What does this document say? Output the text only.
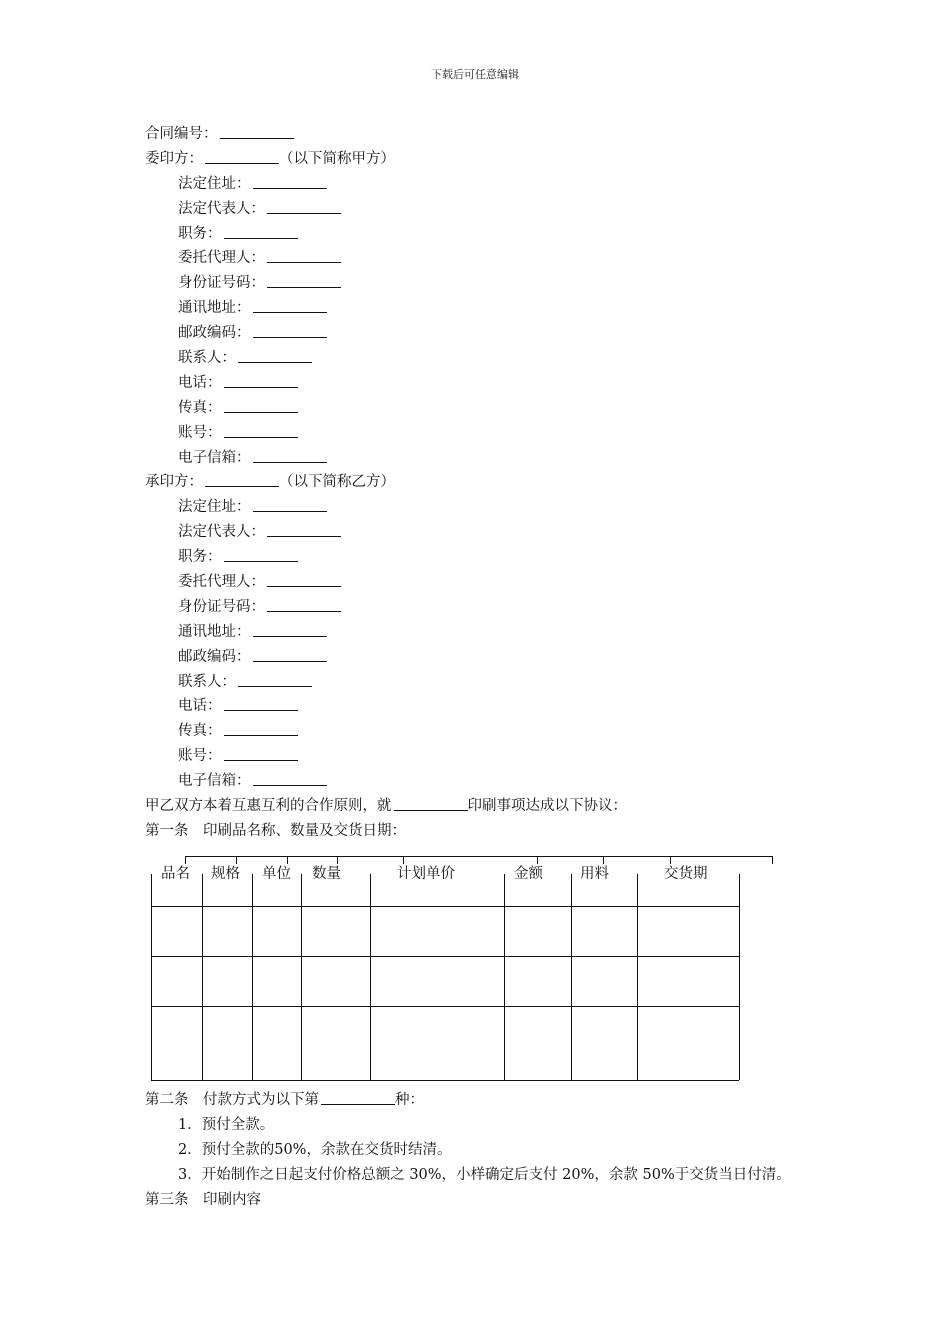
下载后可任意编辑
合同编号：
委印方：	（以下简称甲方）
法定住址：
法定代表人：
职务：
委托代理人：
身份证号码：
通讯地址：
邮政编码：
联系人：
电话：
传真：
账号：
电子信箱：
承印方：	（以下简称乙方）
法定住址：
法定代表人：
职务：
委托代理人：
身份证号码：
通讯地址：
邮政编码：
联系人：
电话：
传真：
账号：
电子信箱：
甲乙双方本着互惠互利的合作原则，就	印刷事项达成以下协议：
第一条　印刷品名称、数量及交货日期：
品名 规格 单位 数量	计划单价	金额	用料	交货期
第二条　付款方式为以下第	种：
1．预付全款。
2．预付全款的50%，余款在交货时结清。
3．开始制作之日起支付价格总额之 30%，小样确定后支付 20%，余款 50%于交货当日付清。
第三条　印刷内容
